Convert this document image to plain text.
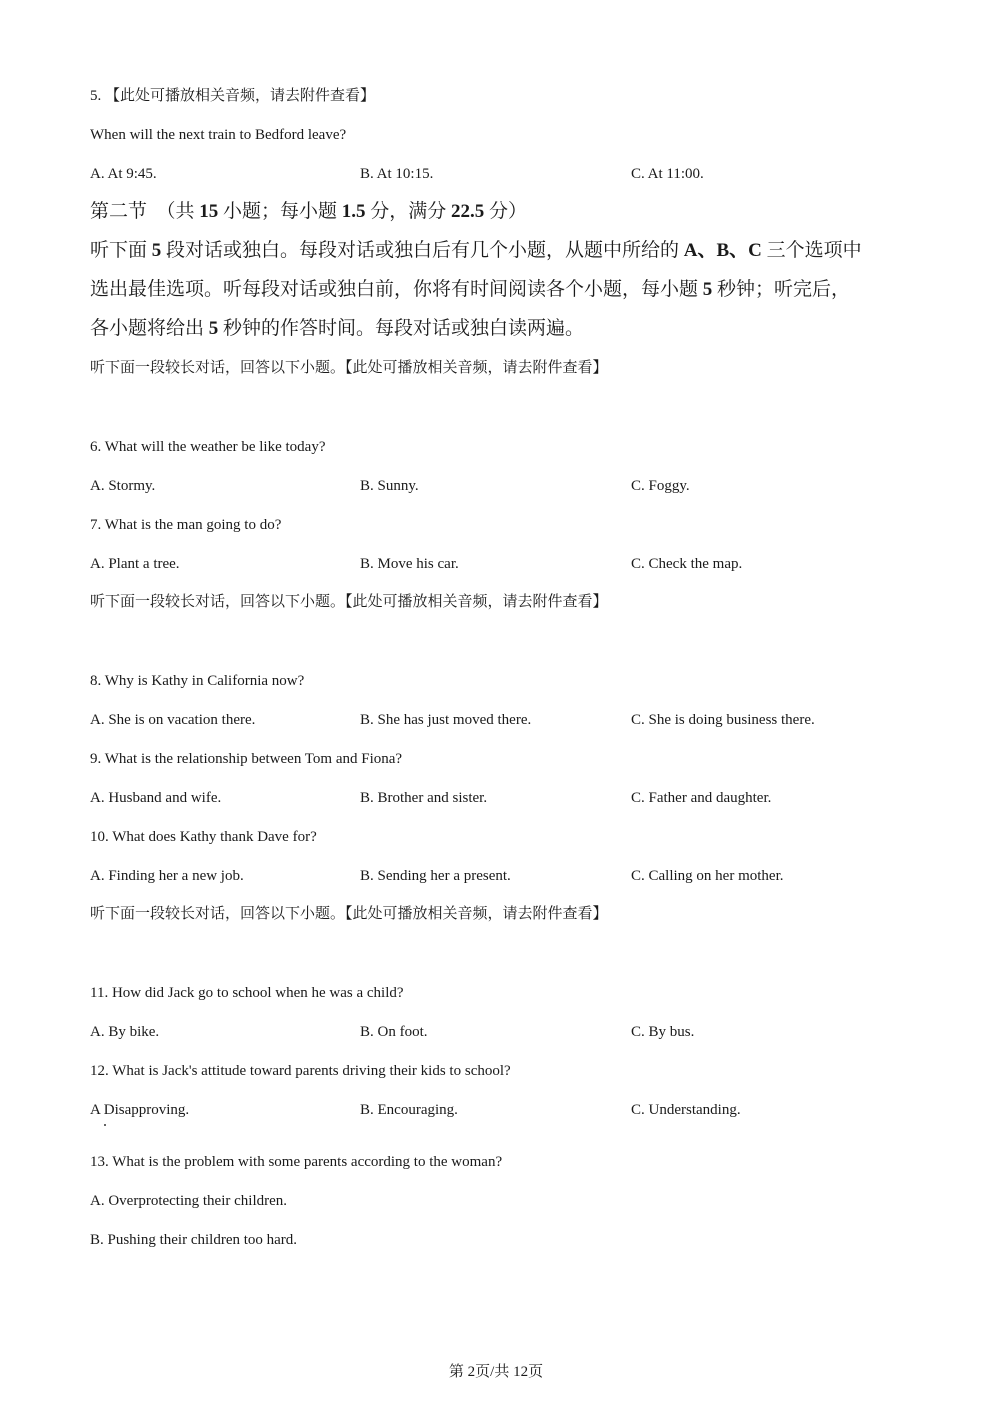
5. 【此处可播放相关音频，请去附件查看】
When will the next train to Bedford leave?
A. At 9:45.	B. At 10:15.	C. At 11:00.
第二节　（共 15 小题；每小题 1.5 分，满分 22.5 分）
听下面 5 段对话或独白。每段对话或独白后有几个小题，从题中所给的 A、B、C 三个选项中
选出最佳选项。听每段对话或独白前，你将有时间阅读各个小题，每小题 5 秒钟；听完后，
各小题将给出 5 秒钟的作答时间。每段对话或独白读两遍。
听下面一段较长对话，回答以下小题。【此处可播放相关音频，请去附件查看】
6. What will the weather be like today?
A. Stormy.	B. Sunny.	C. Foggy.
7. What is the man going to do?
A. Plant a tree.	B. Move his car.	C. Check the map.
听下面一段较长对话，回答以下小题。【此处可播放相关音频，请去附件查看】
8. Why is Kathy in California now?
A. She is on vacation there.	B. She has just moved there.	C. She is doing business there.
9. What is the relationship between Tom and Fiona?
A. Husband and wife.	B. Brother and sister.	C. Father and daughter.
10. What does Kathy thank Dave for?
A. Finding her a new job.	B. Sending her a present.	C. Calling on her mother.
听下面一段较长对话，回答以下小题。【此处可播放相关音频，请去附件查看】
11. How did Jack go to school when he was a child?
A. By bike.	B. On foot.	C. By bus.
12. What is Jack's attitude toward parents driving their kids to school?
A Disapproving.	B. Encouraging.	C. Understanding.
13. What is the problem with some parents according to the woman?
A. Overprotecting their children.
B. Pushing their children too hard.
第 2页/共 12页
